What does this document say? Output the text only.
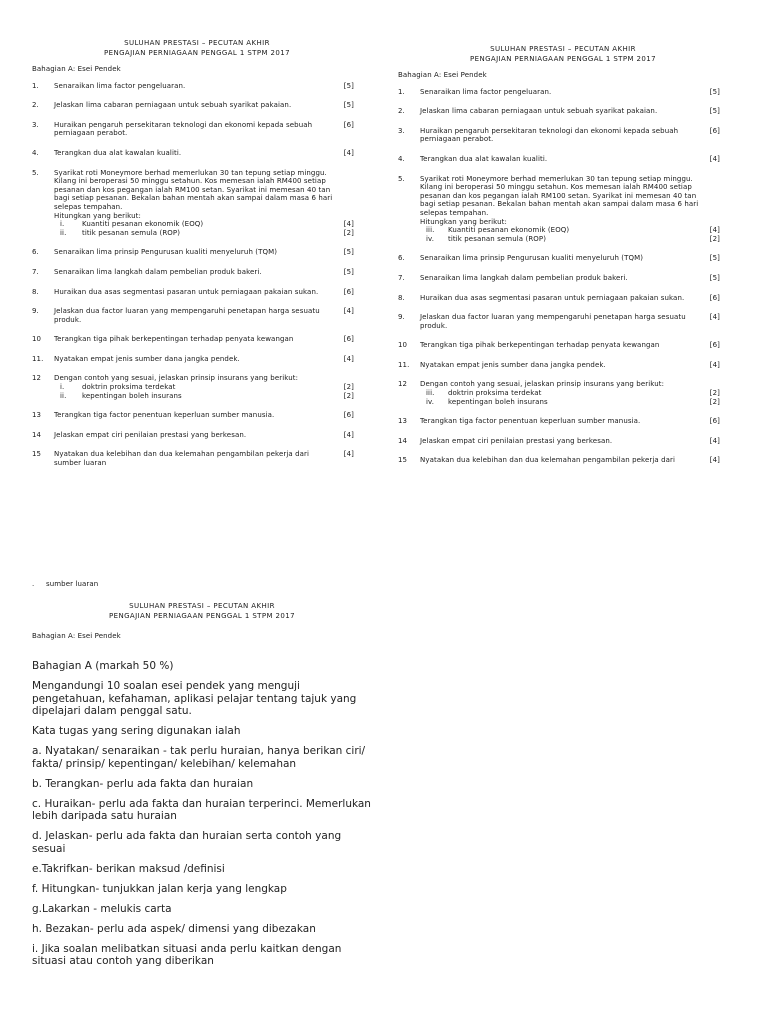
SULUHAN PRESTASI – PECUTAN AKHIR
PENGAJIAN PERNIAGAAN PENGGAL 1 STPM 2017
Bahagian A: Esei Pendek
1.	Senaraikan lima factor pengeluaran.	[5]
2.	Jelaskan lima cabaran perniagaan untuk sebuah syarikat pakaian.	[5]
3.	Huraikan pengaruh persekitaran teknologi dan ekonomi kepada sebuah perniagaan perabot.
[6]
4.	Terangkan dua alat kawalan kualiti.	[4]
5.	Syarikat roti Moneymore berhad memerlukan 30 tan tepung setiap minggu. Kilang ini beroperasi 50 minggu setahun. Kos memesan ialah RM400 setiap pesanan dan kos pegangan ialah RM100 setan. Syarikat ini memesan 40 tan bagi setiap pesanan. Bekalan bahan mentah akan sampai dalam masa 6 hari selepas tempahan.
Hitungkan yang berikut:
i.	Kuantiti pesanan ekonomik (EOQ)	[4]
ii.	titik pesanan semula (ROP)	[2]
6.	Senaraikan lima prinsip Pengurusan kualiti menyeluruh (TQM)	[5]
7.	Senaraikan lima langkah dalam pembelian produk bakeri.	[5]
8.	Huraikan dua asas segmentasi pasaran untuk perniagaan pakaian sukan.	[6]
9.	Jelaskan dua factor luaran yang mempengaruhi penetapan harga sesuatu produk.
[4]
10	Terangkan tiga pihak berkepentingan terhadap penyata kewangan	[6]
11.	Nyatakan empat jenis sumber dana jangka pendek.	[4]
12	Dengan contoh yang sesuai, jelaskan prinsip insurans yang berikut:
i.	doktrin proksima terdekat	[2]
ii.	kepentingan boleh insurans	[2]
13	Terangkan tiga factor penentuan keperluan sumber manusia.	[6]
14	Jelaskan empat ciri penilaian prestasi yang berkesan.	[4]
15	Nyatakan dua kelebihan dan dua kelemahan pengambilan pekerja dari sumber luaran
[4]
SULUHAN PRESTASI – PECUTAN AKHIR
PENGAJIAN PERNIAGAAN PENGGAL 1 STPM 2017
Bahagian A: Esei Pendek
1.	Senaraikan lima factor pengeluaran.	[5]
2.	Jelaskan lima cabaran perniagaan untuk sebuah syarikat pakaian.	[5]
3.	Huraikan pengaruh persekitaran teknologi dan ekonomi kepada sebuah perniagaan perabot.
[6]
4.	Terangkan dua alat kawalan kualiti.	[4]
5.	Syarikat roti Moneymore berhad memerlukan 30 tan tepung setiap minggu. Kilang ini beroperasi 50 minggu setahun. Kos memesan ialah RM400 setiap pesanan dan kos pegangan ialah RM100 setan. Syarikat ini memesan 40 tan bagi setiap pesanan. Bekalan bahan mentah akan sampai dalam masa 6 hari selepas tempahan.
Hitungkan yang berikut:
iii.	Kuantiti pesanan ekonomik (EOQ)	[4]
iv.	titik pesanan semula (ROP)	[2]
6.	Senaraikan lima prinsip Pengurusan kualiti menyeluruh (TQM)	[5]
7.	Senaraikan lima langkah dalam pembelian produk bakeri.	[5]
8.	Huraikan dua asas segmentasi pasaran untuk perniagaan pakaian sukan.	[6]
9.	Jelaskan dua factor luaran yang mempengaruhi penetapan harga sesuatu produk.
[4]
10	Terangkan tiga pihak berkepentingan terhadap penyata kewangan	[6]
11.	Nyatakan empat jenis sumber dana jangka pendek.	[4]
12	Dengan contoh yang sesuai, jelaskan prinsip insurans yang berikut:
iii.	doktrin proksima terdekat	[2]
iv.	kepentingan boleh insurans	[2]
13	Terangkan tiga factor penentuan keperluan sumber manusia.	[6]
14	Jelaskan empat ciri penilaian prestasi yang berkesan.	[4]
15	Nyatakan dua kelebihan dan dua kelemahan pengambilan pekerja dari	[4]
. sumber luaran
SULUHAN PRESTASI – PECUTAN AKHIR
PENGAJIAN PERNIAGAAN PENGGAL 1 STPM 2017
Bahagian A: Esei Pendek

Bahagian A (markah 50 %)

Mengandungi 10 soalan esei pendek yang menguji pengetahuan, kefahaman, aplikasi pelajar tentang tajuk yang dipelajari dalam penggal satu.

Kata tugas yang sering digunakan ialah

a. Nyatakan/ senaraikan - tak perlu huraian, hanya berikan ciri/ fakta/ prinsip/ kepentingan/ kelebihan/ kelemahan

b. Terangkan- perlu ada fakta dan huraian

c. Huraikan- perlu ada fakta dan huraian terperinci. Memerlukan lebih daripada satu huraian

d. Jelaskan- perlu ada fakta dan huraian serta contoh yang sesuai

e.Takrifkan- berikan maksud /definisi

f. Hitungkan- tunjukkan jalan kerja yang lengkap

g.Lakarkan - melukis carta

h. Bezakan- perlu ada aspek/ dimensi yang dibezakan

i. Jika soalan melibatkan situasi anda perlu kaitkan dengan situasi atau contoh yang diberikan
